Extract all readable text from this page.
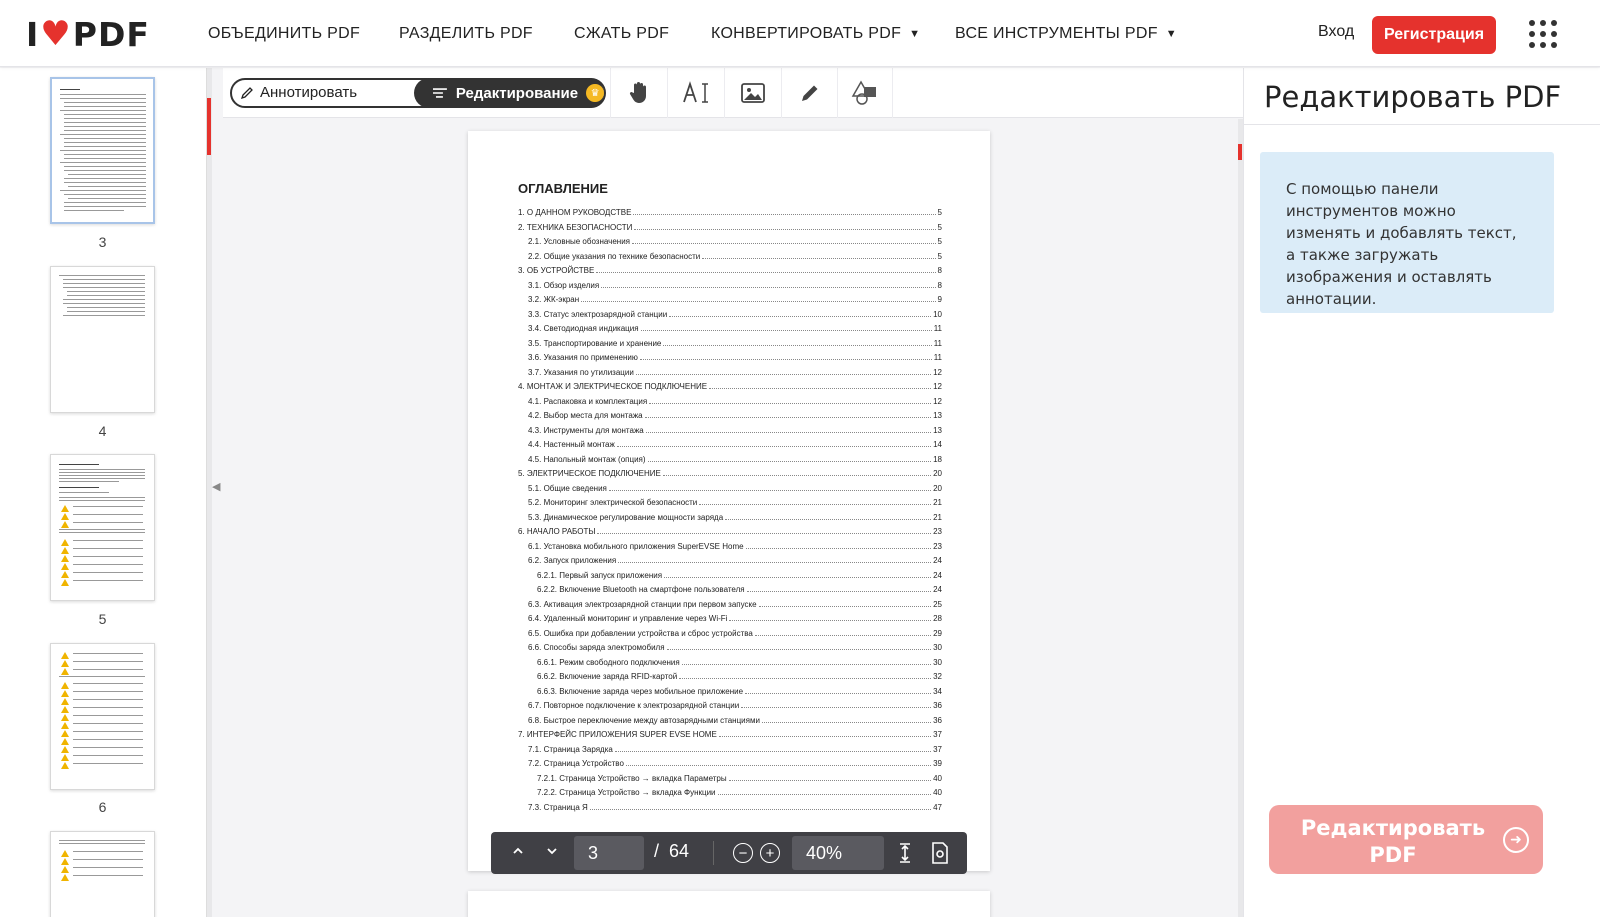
I ♥ PDF	ОБЪЕДИНИТЬ PDF РАЗДЕЛИТЬ PDF	СЖАТЬ PDF	КОНВЕРТИРОВАТЬ PDF ▼ ВСЕ ИНСТРУМЕНТЫ PDF ▼	Вход	Регистрация
3
4
5
6
◀
Аннотировать	Редактирование	♛
ОГЛАВЛЕНИЕ
1. О ДАННОМ РУКОВОДСТВЕ	5
2. ТЕХНИКА БЕЗОПАСНОСТИ	5
2.1. Условные обозначения	5
2.2. Общие указания по технике безопасности	5
3. ОБ УСТРОЙСТВЕ	8
3.1. Обзор изделия	8
3.2. ЖК-экран	9
3.3. Статус электрозарядной станции	10
3.4. Светодиодная индикация	11
3.5. Транспортирование и хранение	11
3.6. Указания по применению	11
3.7. Указания по утилизации	12
4. МОНТАЖ И ЭЛЕКТРИЧЕСКОЕ ПОДКЛЮЧЕНИЕ	12
4.1. Распаковка и комплектация	12
4.2. Выбор места для монтажа	13
4.3. Инструменты для монтажа	13
4.4. Настенный монтаж	14
4.5. Напольный монтаж (опция)	18
5. ЭЛЕКТРИЧЕСКОЕ ПОДКЛЮЧЕНИЕ	20
5.1. Общие сведения	20
5.2. Мониторинг электрической безопасности	21
5.3. Динамическое регулирование мощности заряда	21
6. НАЧАЛО РАБОТЫ	23
6.1. Установка мобильного приложения SuperEVSE Home	23
6.2. Запуск приложения	24
6.2.1. Первый запуск приложения	24
6.2.2. Включение Bluetooth на смартфоне пользователя	24
6.3. Активация электрозарядной станции при первом запуске	25
6.4. Удаленный мониторинг и управление через Wi-Fi	28
6.5. Ошибка при добавлении устройства и сброс устройства	29
6.6. Способы заряда электромобиля	30
6.6.1. Режим свободного подключения	30
6.6.2. Включение заряда RFID-картой	32
6.6.3. Включение заряда через мобильное приложение	34
6.7. Повторное подключение к электрозарядной станции	36
6.8. Быстрое переключение между автозарядными станциями	36
7. ИНТЕРФЕЙС ПРИЛОЖЕНИЯ SUPER EVSE HOME	37
7.1. Страница Зарядка	37
7.2. Страница Устройство	39
7.2.1. Страница Устройство → вкладка Параметры	40
7.2.2. Страница Устройство → вкладка Функции	40
7.3. Страница Я	47
3	/ 64	−	+	40%
Редактировать PDF
С помощью панели инструментов можно изменять и добавлять текст, а также загружать изображения и оставлять аннотации.
Редактировать PDF
➜
